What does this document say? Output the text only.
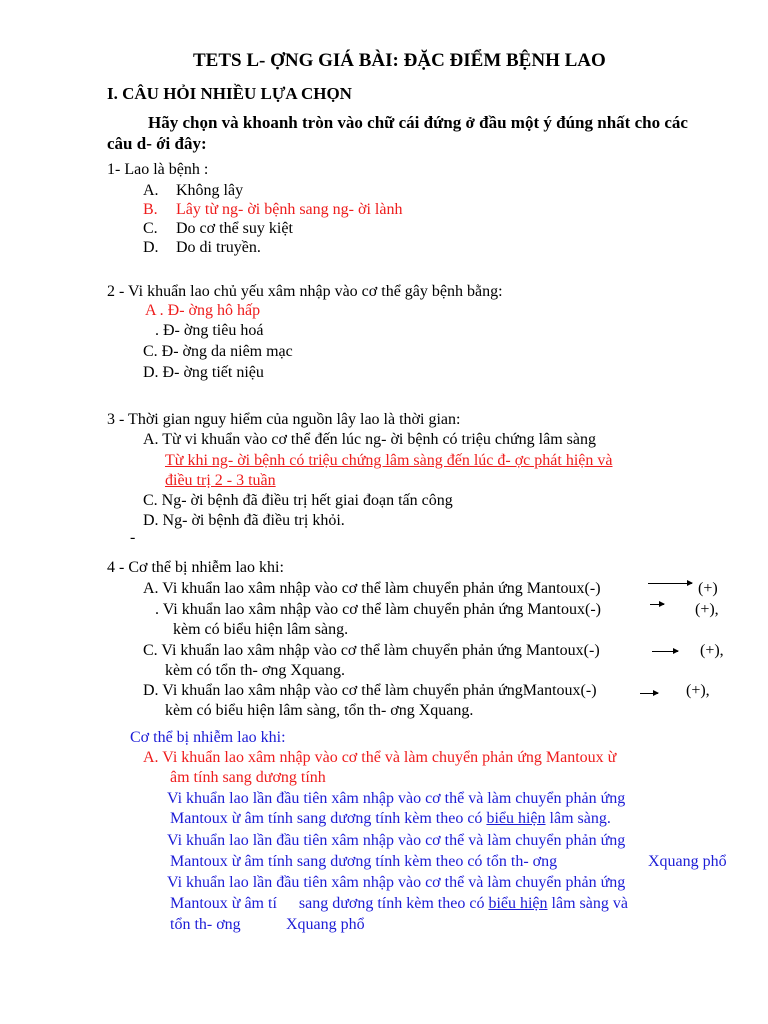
TETS L- ỢNG GIÁ BÀI: ĐẶC ĐIỂM BỆNH LAO
I. CÂU HỎI NHIỀU LỰA CHỌN
Hãy chọn và khoanh tròn vào chữ cái đứng ở đầu một ý đúng nhất cho các
câu d- ới đây:
1- Lao là bệnh :
A. Không lây
B. Lây từ ng- ời bệnh sang ng- ời lành
C. Do cơ thể suy kiệt
D. Do di truyền.
2 - Vi khuẩn lao chủ yếu xâm nhập vào cơ thể gây bệnh bằng:
A . Đ- ờng hô hấp
. Đ- ờng tiêu hoá
C. Đ- ờng da niêm mạc
D. Đ- ờng tiết niệu
3 - Thời gian nguy hiểm của nguồn lây lao là thời gian:
A. Từ vi khuẩn vào cơ thể đến lúc ng- ời bệnh có triệu chứng lâm sàng
Từ khi ng- ời bệnh có triệu chứng lâm sàng đến lúc đ- ợc phát hiện và
điều trị 2 - 3 tuần
C. Ng- ời bệnh đã điều trị hết giai đoạn tấn công
D. Ng- ời bệnh đã điều trị khỏi.
-
4 - Cơ thể bị nhiễm lao khi:
A. Vi khuẩn lao xâm nhập vào cơ thể làm chuyển phản ứng Mantoux(-)	(+)
. Vi khuẩn lao xâm nhập vào cơ thể làm chuyển phản ứng Mantoux(-)	(+),
kèm có biểu hiện lâm sàng.
C. Vi khuẩn lao xâm nhập vào cơ thể làm chuyển phản ứng Mantoux(-)	(+),
kèm có tổn th- ơng Xquang.
D. Vi khuẩn lao xâm nhập vào cơ thể làm chuyển phản ứngMantoux(-)	(+),
kèm có biểu hiện lâm sàng, tổn th- ơng Xquang.
Cơ thể bị nhiễm lao khi:
A. Vi khuẩn lao xâm nhập vào cơ thể và làm chuyển phản ứng Mantoux ừ
âm tính sang dương tính
Vi khuẩn lao lần đầu tiên xâm nhập vào cơ thể và làm chuyển phản ứng
Mantoux ừ âm tính sang dương tính kèm theo có biểu hiện lâm sàng.
Vi khuẩn lao lần đầu tiên xâm nhập vào cơ thể và làm chuyển phản ứng
Mantoux ừ âm tính sang dương tính kèm theo có tổn th- ơng	Xquang phổ
Vi khuẩn lao lần đầu tiên xâm nhập vào cơ thể và làm chuyển phản ứng
Mantoux ừ âm tí sang dương tính kèm theo có biểu hiện lâm sàng và
tổn th- ơng	Xquang phổ
